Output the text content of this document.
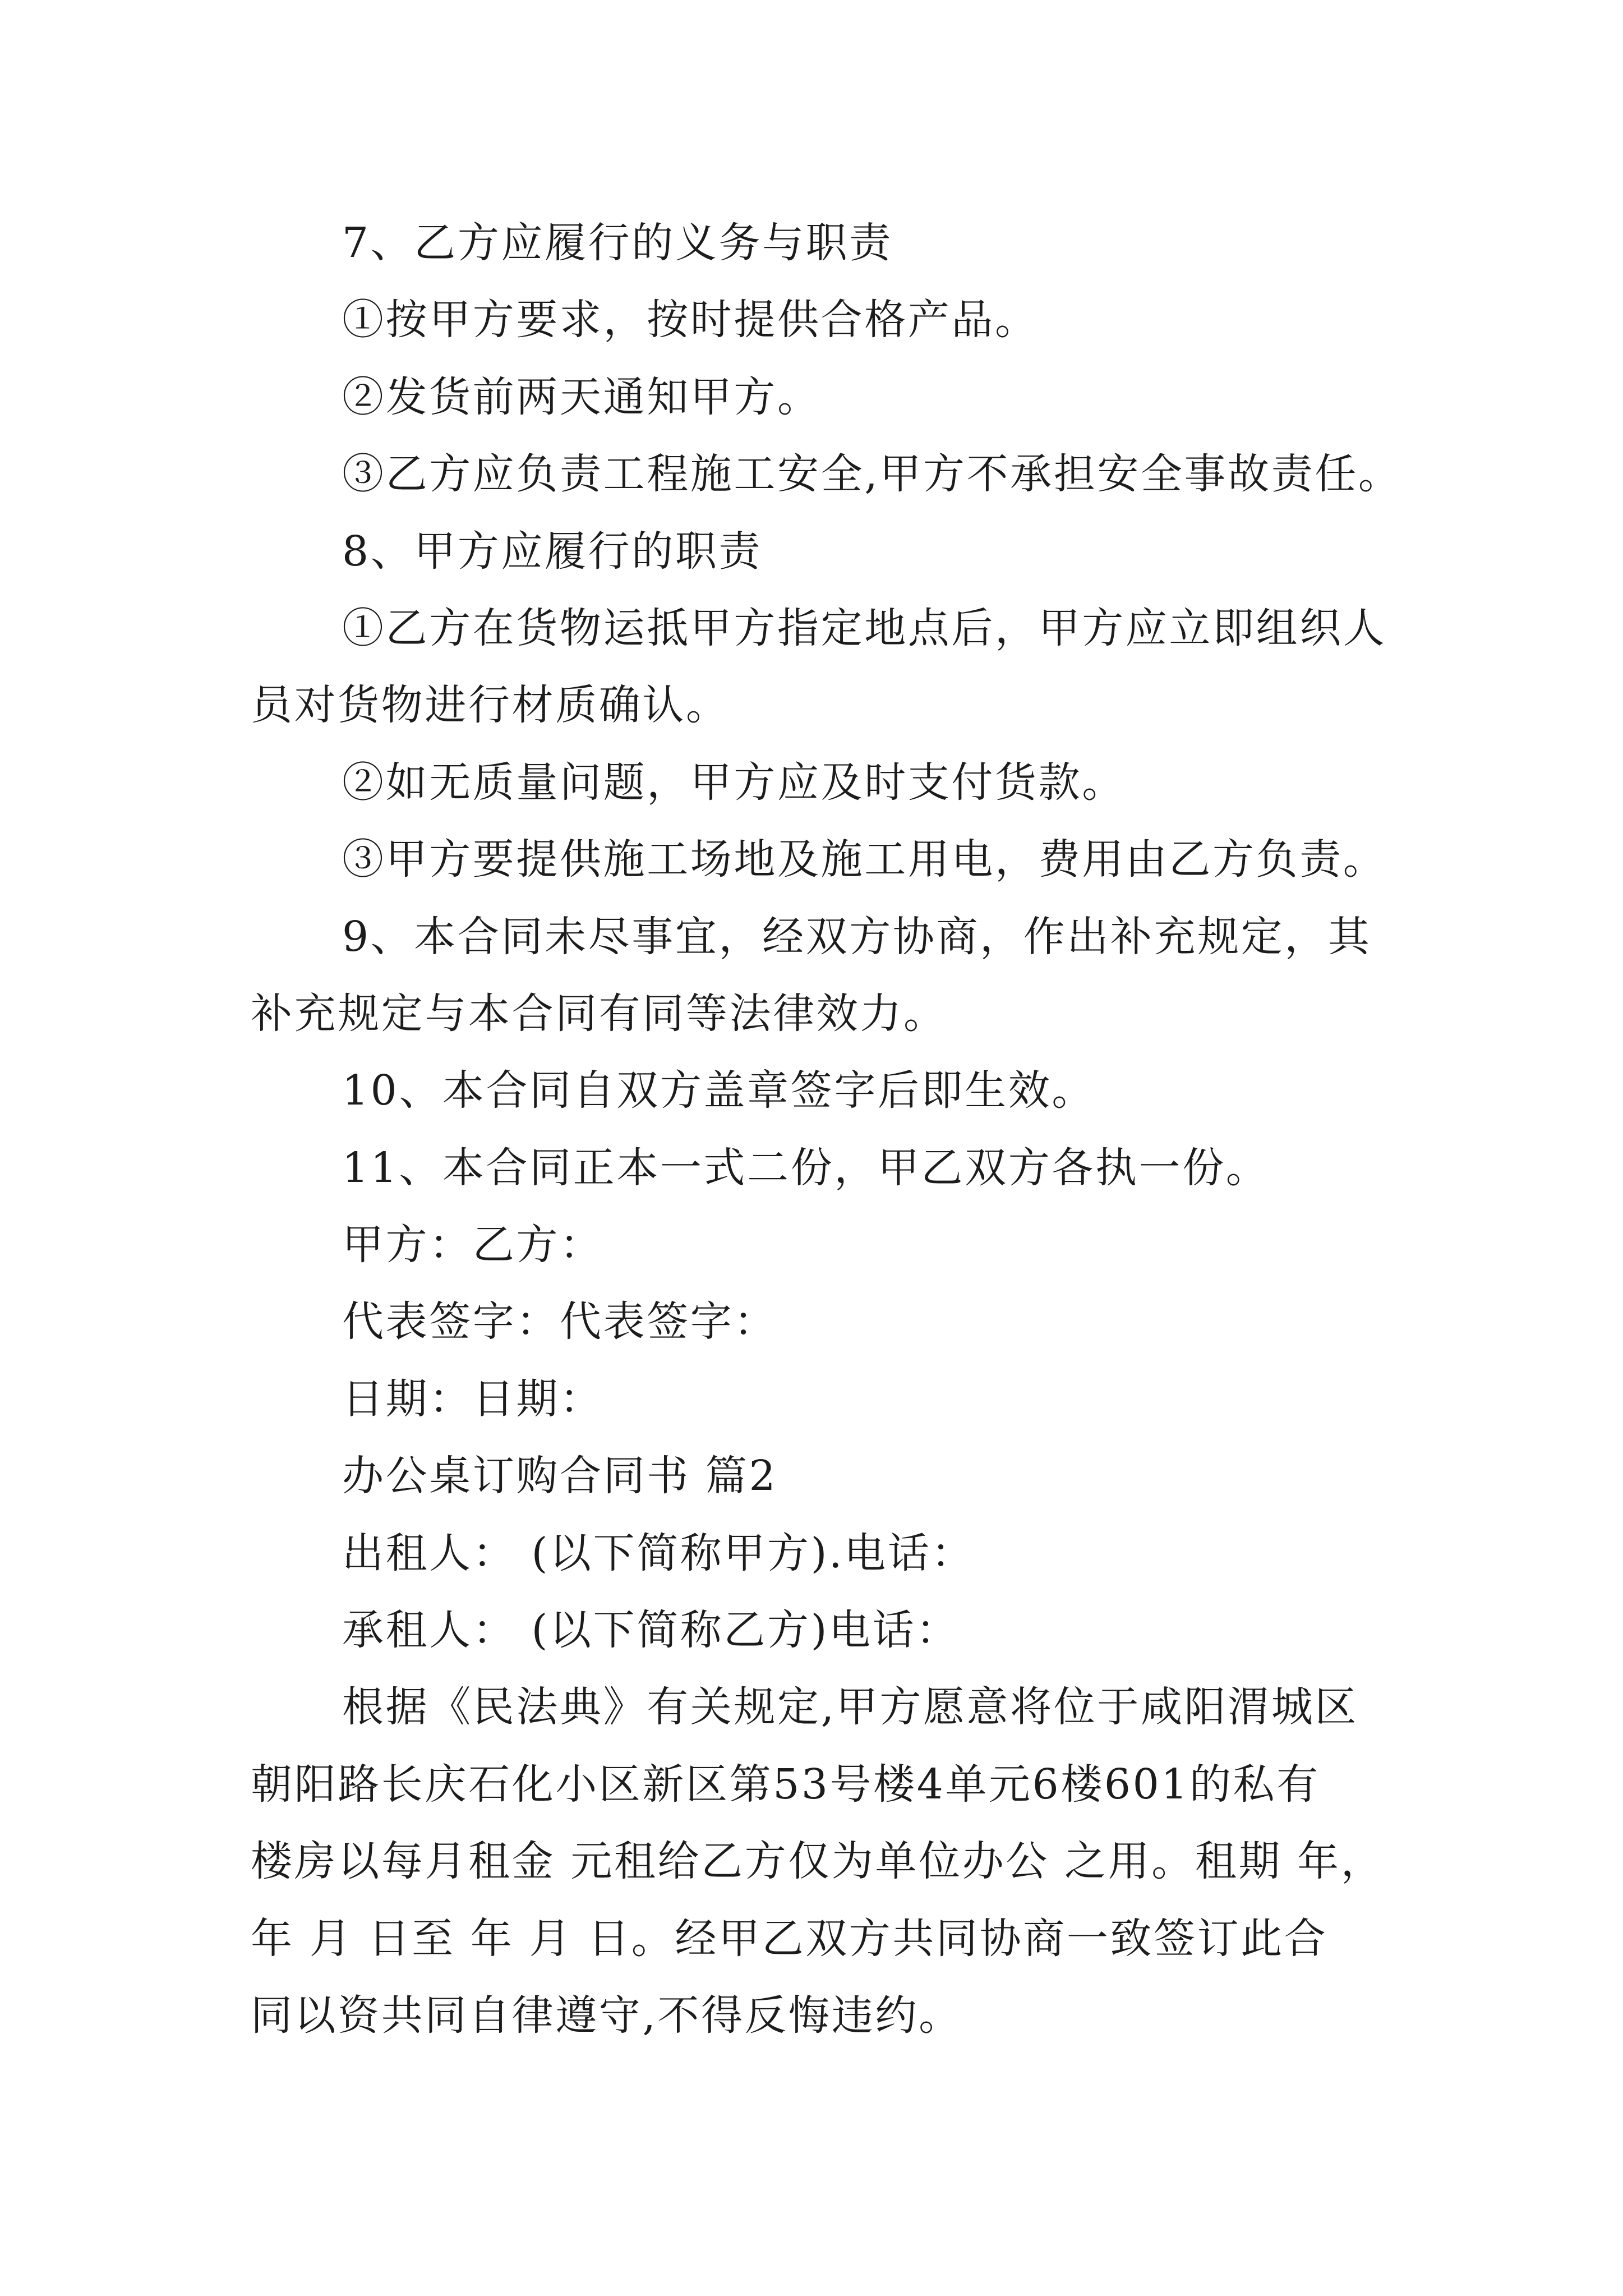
7、乙方应履行的义务与职责
①按甲方要求，按时提供合格产品。
②发货前两天通知甲方。
③乙方应负责工程施工安全,甲方不承担安全事故责任。
8、甲方应履行的职责
①乙方在货物运抵甲方指定地点后，甲方应立即组织人
员对货物进行材质确认。
②如无质量问题，甲方应及时支付货款。
③甲方要提供施工场地及施工用电，费用由乙方负责。
9、本合同未尽事宜，经双方协商，作出补充规定，其
补充规定与本合同有同等法律效力。
10、本合同自双方盖章签字后即生效。
11、本合同正本一式二份，甲乙双方各执一份。
甲方：乙方：
代表签字：代表签字：
日期：日期：
办公桌订购合同书 篇2
出租人： (以下简称甲方).电话：
承租人： (以下简称乙方)电话：
根据《民法典》有关规定,甲方愿意将位于咸阳渭城区
朝阳路长庆石化小区新区第53号楼4单元6楼601的私有
楼房以每月租金 元租给乙方仅为单位办公 之用。租期 年，
年 月 日至 年 月 日。经甲乙双方共同协商一致签订此合
同以资共同自律遵守,不得反悔违约。
